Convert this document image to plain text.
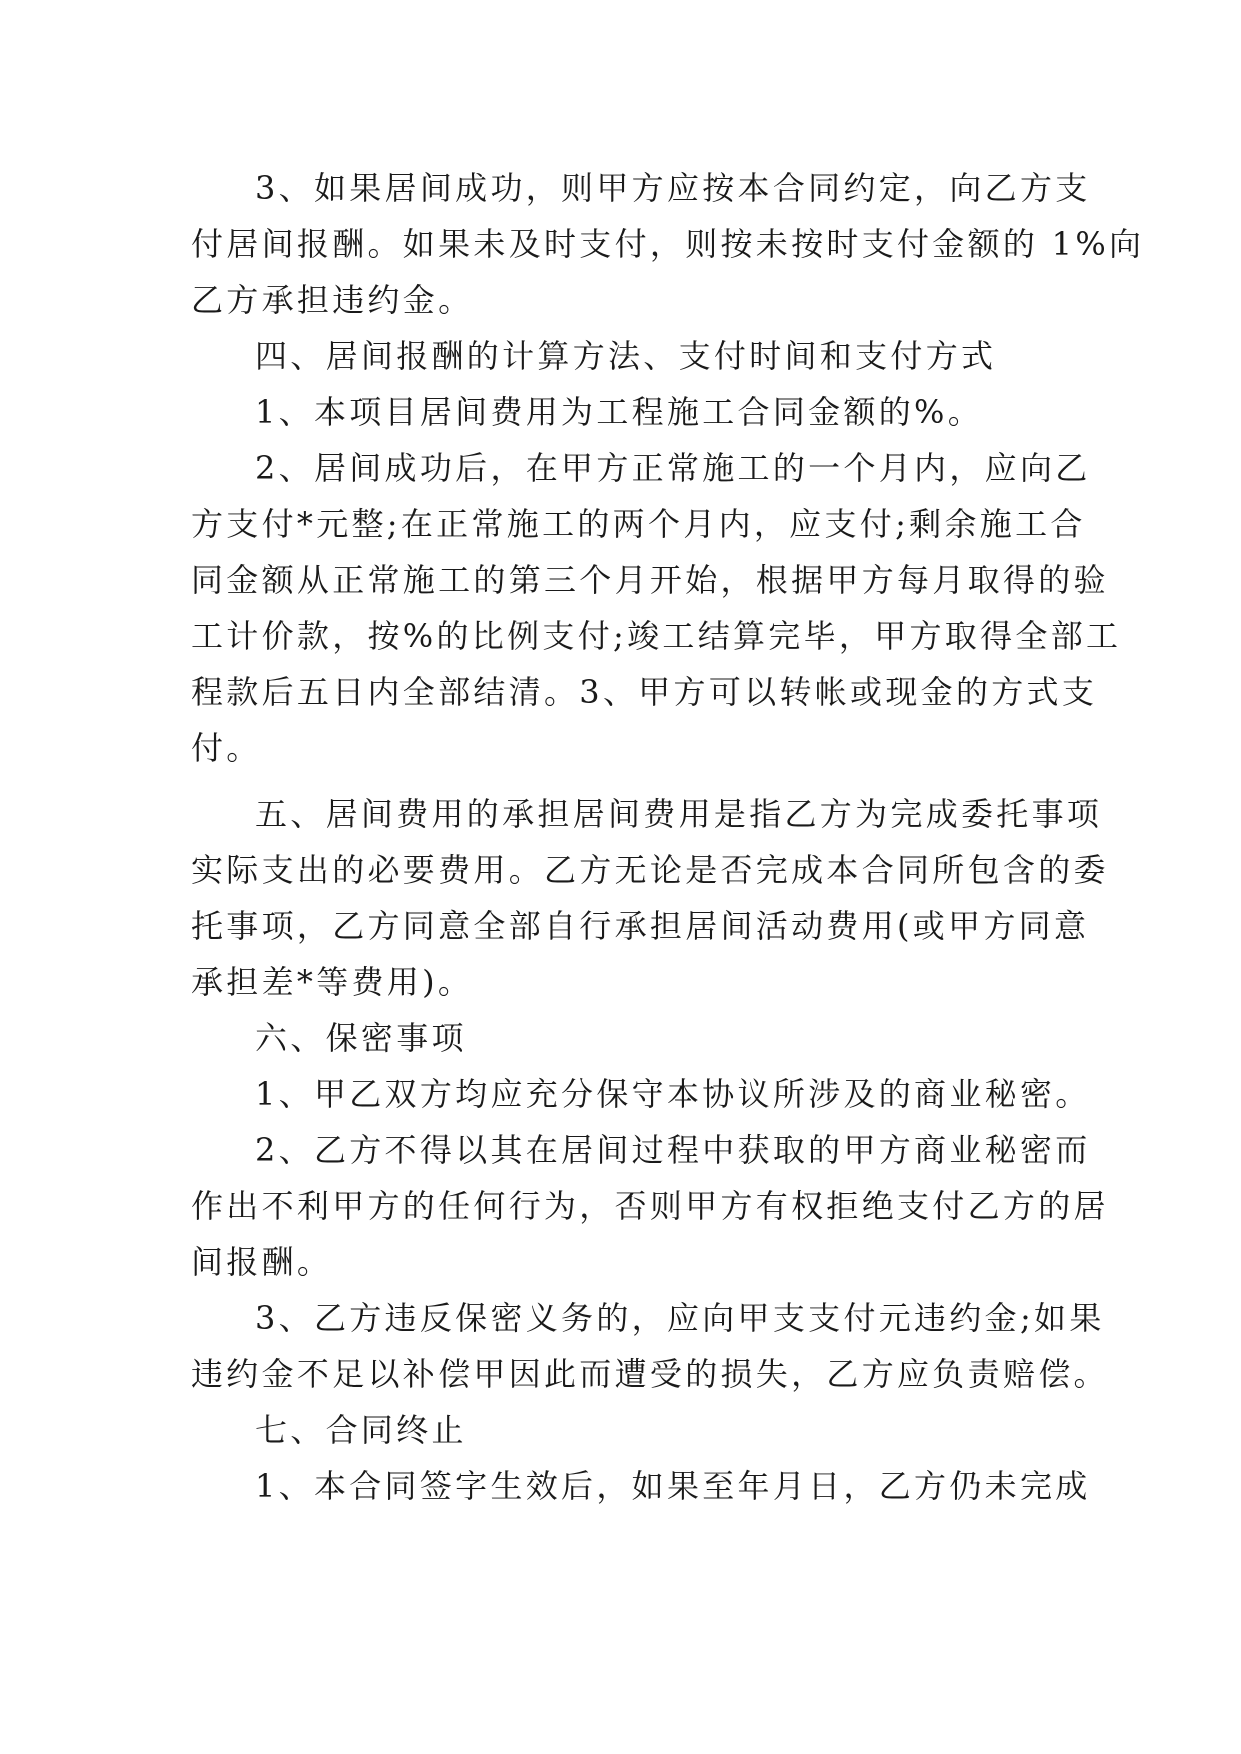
3、如果居间成功，则甲方应按本合同约定，向乙方支
付居间报酬。如果未及时支付，则按未按时支付金额的 1%向
乙方承担违约金。

四、居间报酬的计算方法、支付时间和支付方式

1、本项目居间费用为工程施工合同金额的%。

2、居间成功后，在甲方正常施工的一个月内，应向乙
方支付*元整;在正常施工的两个月内，应支付;剩余施工合
同金额从正常施工的第三个月开始，根据甲方每月取得的验
工计价款，按%的比例支付;竣工结算完毕，甲方取得全部工
程款后五日内全部结清。3、甲方可以转帐或现金的方式支
付。

五、居间费用的承担居间费用是指乙方为完成委托事项
实际支出的必要费用。乙方无论是否完成本合同所包含的委
托事项，乙方同意全部自行承担居间活动费用(或甲方同意
承担差*等费用)。

六、保密事项

1、甲乙双方均应充分保守本协议所涉及的商业秘密。

2、乙方不得以其在居间过程中获取的甲方商业秘密而
作出不利甲方的任何行为，否则甲方有权拒绝支付乙方的居
间报酬。

3、乙方违反保密义务的，应向甲支支付元违约金;如果
违约金不足以补偿甲因此而遭受的损失，乙方应负责赔偿。

七、合同终止

1、本合同签字生效后，如果至年月日，乙方仍未完成
